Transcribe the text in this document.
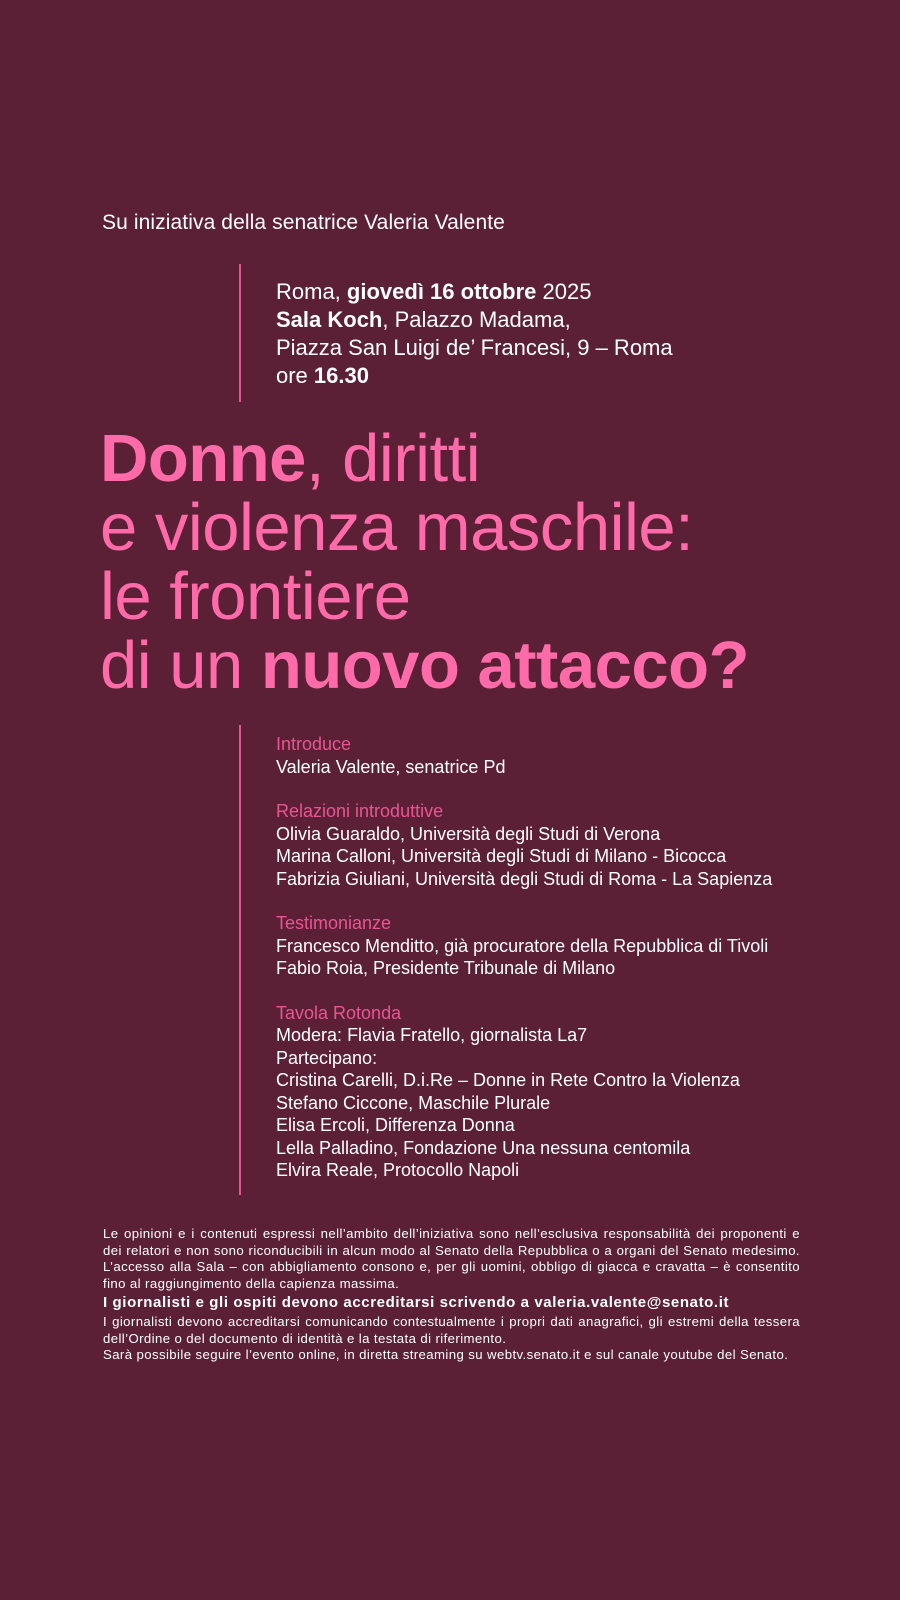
Su iniziativa della senatrice Valeria Valente
Roma, giovedì 16 ottobre 2025
Sala Koch, Palazzo Madama,
Piazza San Luigi de’ Francesi, 9 – Roma
ore 16.30
Donne, diritti
e violenza maschile:
le frontiere
di un nuovo attacco?
Introduce
Valeria Valente, senatrice Pd
Relazioni introduttive
Olivia Guaraldo, Università degli Studi di Verona
Marina Calloni, Università degli Studi di Milano - Bicocca
Fabrizia Giuliani, Università degli Studi di Roma - La Sapienza
Testimonianze
Francesco Menditto, già procuratore della Repubblica di Tivoli
Fabio Roia, Presidente Tribunale di Milano
Tavola Rotonda
Modera: Flavia Fratello, giornalista La7
Partecipano:
Cristina Carelli, D.i.Re – Donne in Rete Contro la Violenza
Stefano Ciccone, Maschile Plurale
Elisa Ercoli, Differenza Donna
Lella Palladino, Fondazione Una nessuna centomila
Elvira Reale, Protocollo Napoli
Le opinioni e i contenuti espressi nell’ambito dell’iniziativa sono nell’esclusiva responsabilità dei proponenti e dei relatori e non sono riconducibili in alcun modo al Senato della Repubblica o a organi del Senato medesimo. L’accesso alla Sala – con abbigliamento consono e, per gli uomini, obbligo di giacca e cravatta – è consentito fino al raggiungimento della capienza massima.
I giornalisti e gli ospiti devono accreditarsi scrivendo a valeria.valente@senato.it
I giornalisti devono accreditarsi comunicando contestualmente i propri dati anagrafici, gli estremi della tessera dell’Ordine o del documento di identità e la testata di riferimento.
Sarà possibile seguire l’evento online, in diretta streaming su webtv.senato.it e sul canale youtube del Senato.
